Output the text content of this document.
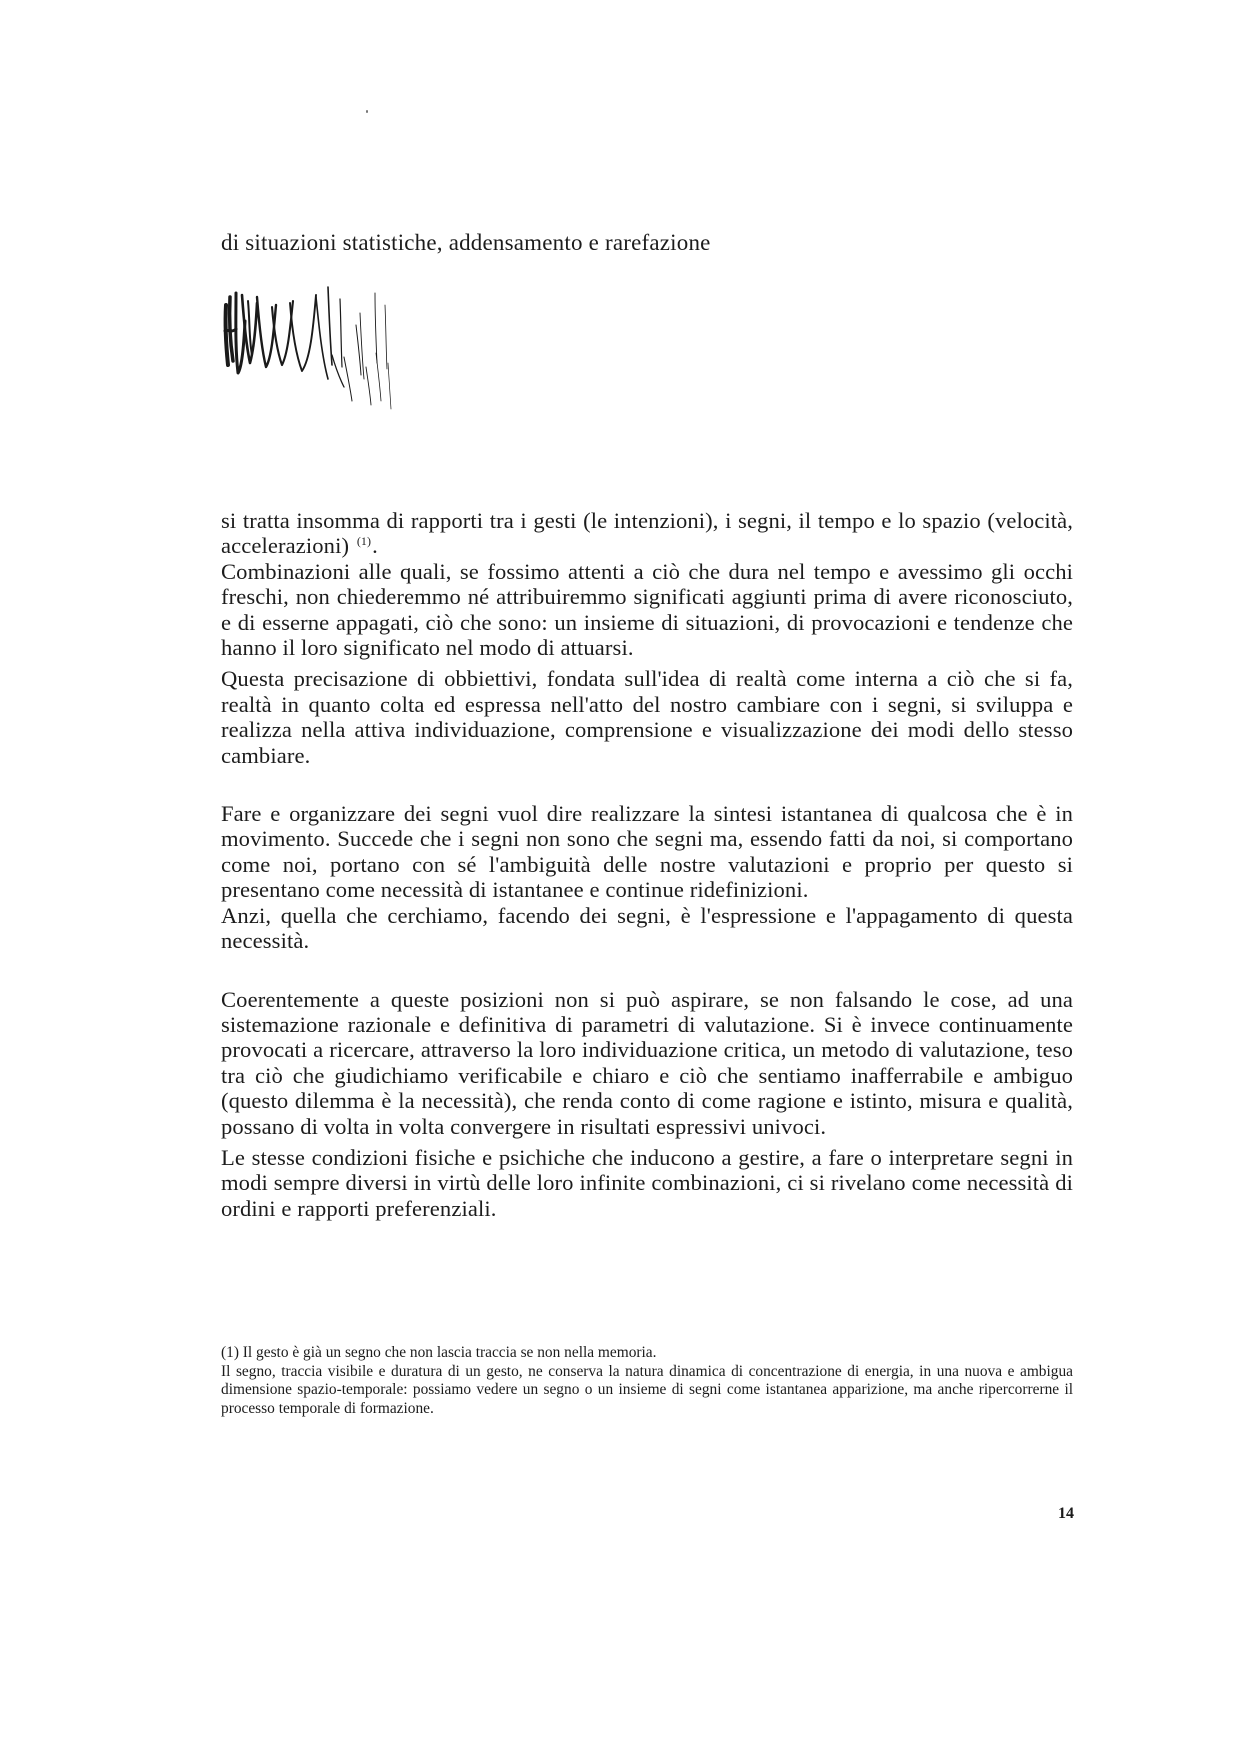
di situazioni statistiche, addensamento e rarefazione

si tratta insomma di rapporti tra i gesti (le intenzioni), i segni, il tempo e lo spazio (velocità, accelerazioni) $^{(1)}$.

Combinazioni alle quali, se fossimo attenti a ciò che dura nel tempo e avessimo gli occhi freschi, non chiederemmo né attribuiremmo significati aggiunti prima di avere riconosciuto, e di esserne appagati, ciò che sono: un insieme di situazioni, di provocazioni e tendenze che hanno il loro significato nel modo di attuarsi.

Questa precisazione di obbiettivi, fondata sull'idea di realtà come interna a ciò che si fa, realtà in quanto colta ed espressa nell'atto del nostro cambiare con i segni, si sviluppa e realizza nella attiva individuazione, comprensione e visualizzazione dei modi dello stesso cambiare.

Fare e organizzare dei segni vuol dire realizzare la sintesi istantanea di qualcosa che è in movimento. Succede che i segni non sono che segni ma, essendo fatti da noi, si comportano come noi, portano con sé l'ambiguità delle nostre valutazioni e proprio per questo si presentano come necessità di istantanee e continue ridefinizioni.

Anzi, quella che cerchiamo, facendo dei segni, è l'espressione e l'appagamento di questa necessità.

Coerentemente a queste posizioni non si può aspirare, se non falsando le cose, ad una sistemazione razionale e definitiva di parametri di valutazione. Si è invece continuamente provocati a ricercare, attraverso la loro individuazione critica, un metodo di valutazione, teso tra ciò che giudichiamo verificabile e chiaro e ciò che sentiamo inafferrabile e ambiguo (questo dilemma è la necessità), che renda conto di come ragione e istinto, misura e qualità, possano di volta in volta convergere in risultati espressivi univoci.

Le stesse condizioni fisiche e psichiche che inducono a gestire, a fare o interpretare segni in modi sempre diversi in virtù delle loro infinite combinazioni, ci si rivelano come necessità di ordini e rapporti preferenziali.

(1) Il gesto è già un segno che non lascia traccia se non nella memoria.

Il segno, traccia visibile e duratura di un gesto, ne conserva la natura dinamica di concentrazione di energia, in una nuova e ambigua dimensione spazio-temporale: possiamo vedere un segno o un insieme di segni come istantanea apparizione, ma anche ripercorrerne il processo temporale di formazione.

14
